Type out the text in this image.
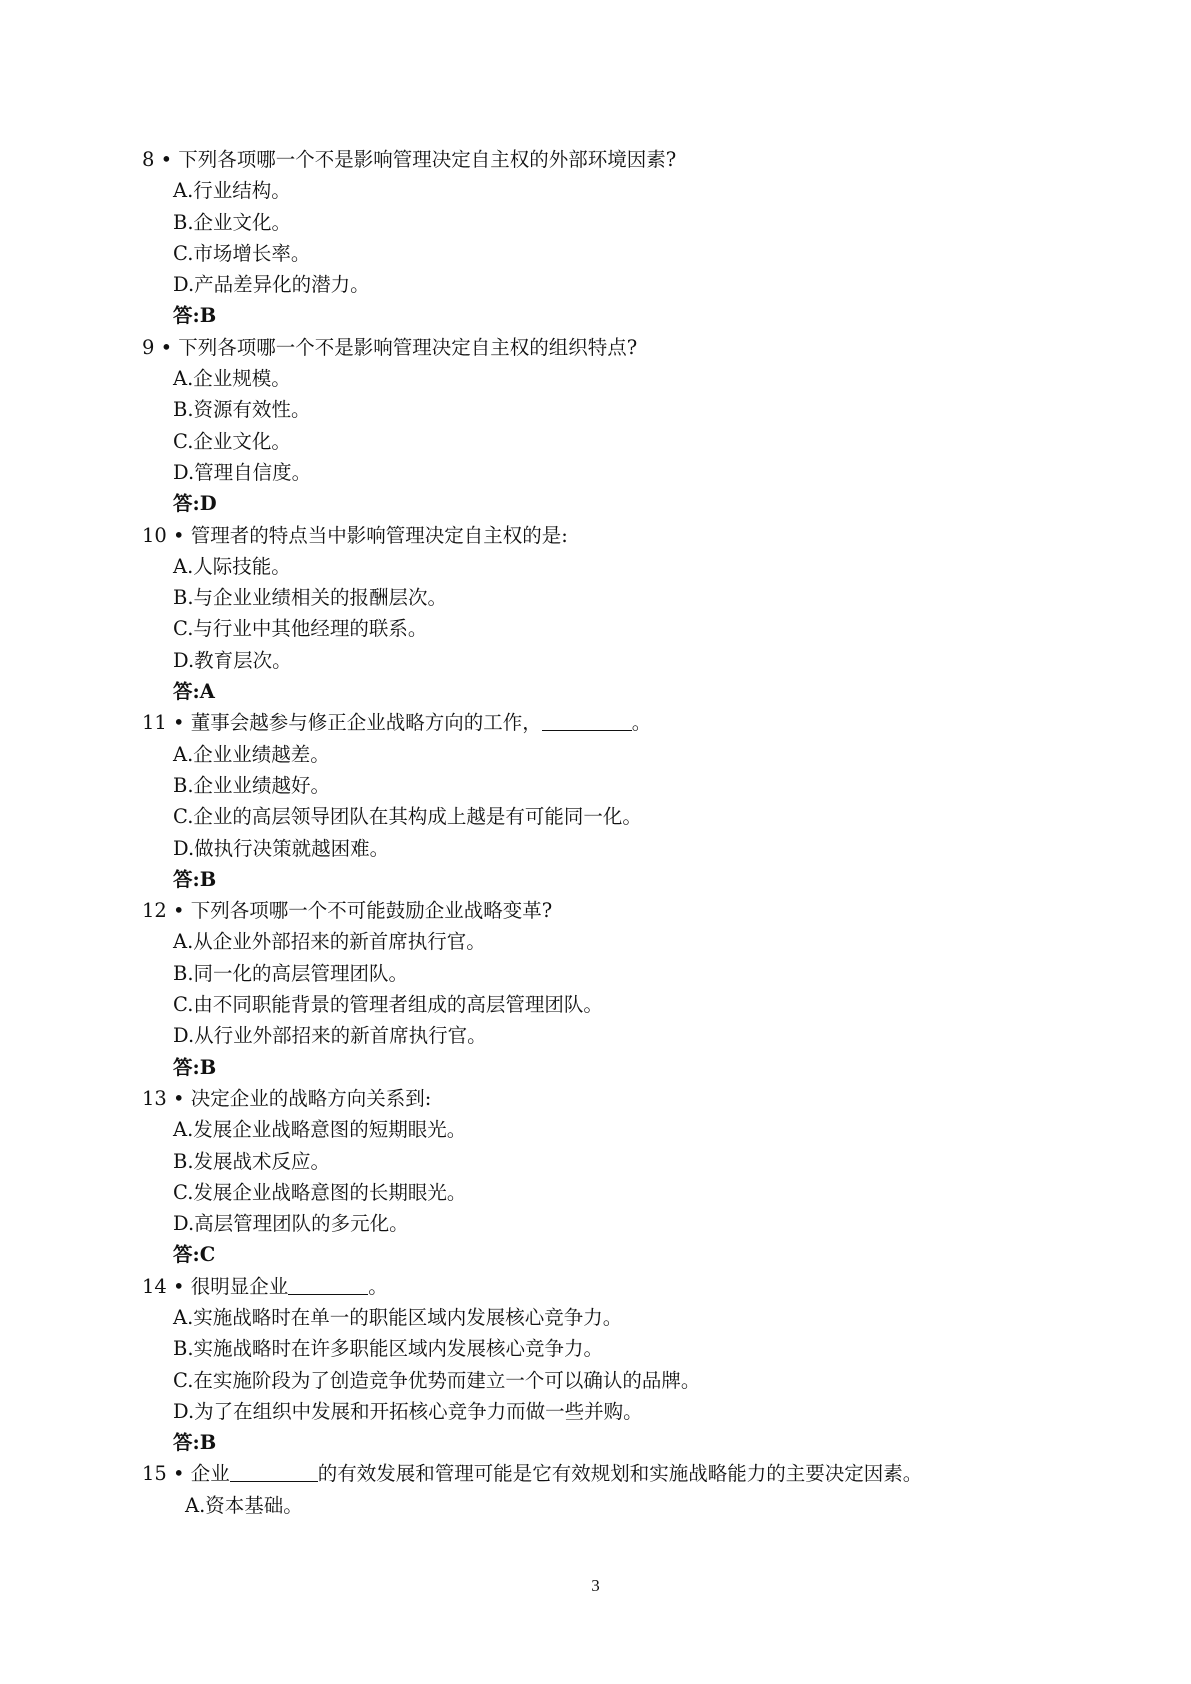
8 • 下列各项哪一个不是影响管理决定自主权的外部环境因素?
A.行业结构。
B.企业文化。
C.市场增长率。
D.产品差异化的潜力。
答:B
9 • 下列各项哪一个不是影响管理决定自主权的组织特点?
A.企业规模。
B.资源有效性。
C.企业文化。
D.管理自信度。
答:D
10 • 管理者的特点当中影响管理决定自主权的是:
A.人际技能。
B.与企业业绩相关的报酬层次。
C.与行业中其他经理的联系。
D.教育层次。
答:A
11 • 董事会越参与修正企业战略方向的工作，	。
A.企业业绩越差。
B.企业业绩越好。
C.企业的高层领导团队在其构成上越是有可能同一化。
D.做执行决策就越困难。
答:B
12 • 下列各项哪一个不可能鼓励企业战略变革?
A.从企业外部招来的新首席执行官。
B.同一化的高层管理团队。
C.由不同职能背景的管理者组成的高层管理团队。
D.从行业外部招来的新首席执行官。
答:B
13 • 决定企业的战略方向关系到:
A.发展企业战略意图的短期眼光。
B.发展战术反应。
C.发展企业战略意图的长期眼光。
D.高层管理团队的多元化。
答:C
14 • 很明显企业	。
A.实施战略时在单一的职能区域内发展核心竞争力。
B.实施战略时在许多职能区域内发展核心竞争力。
C.在实施阶段为了创造竞争优势而建立一个可以确认的品牌。
D.为了在组织中发展和开拓核心竞争力而做一些并购。
答:B
15 • 企业	的有效发展和管理可能是它有效规划和实施战略能力的主要决定因素。
A.资本基础。
3
